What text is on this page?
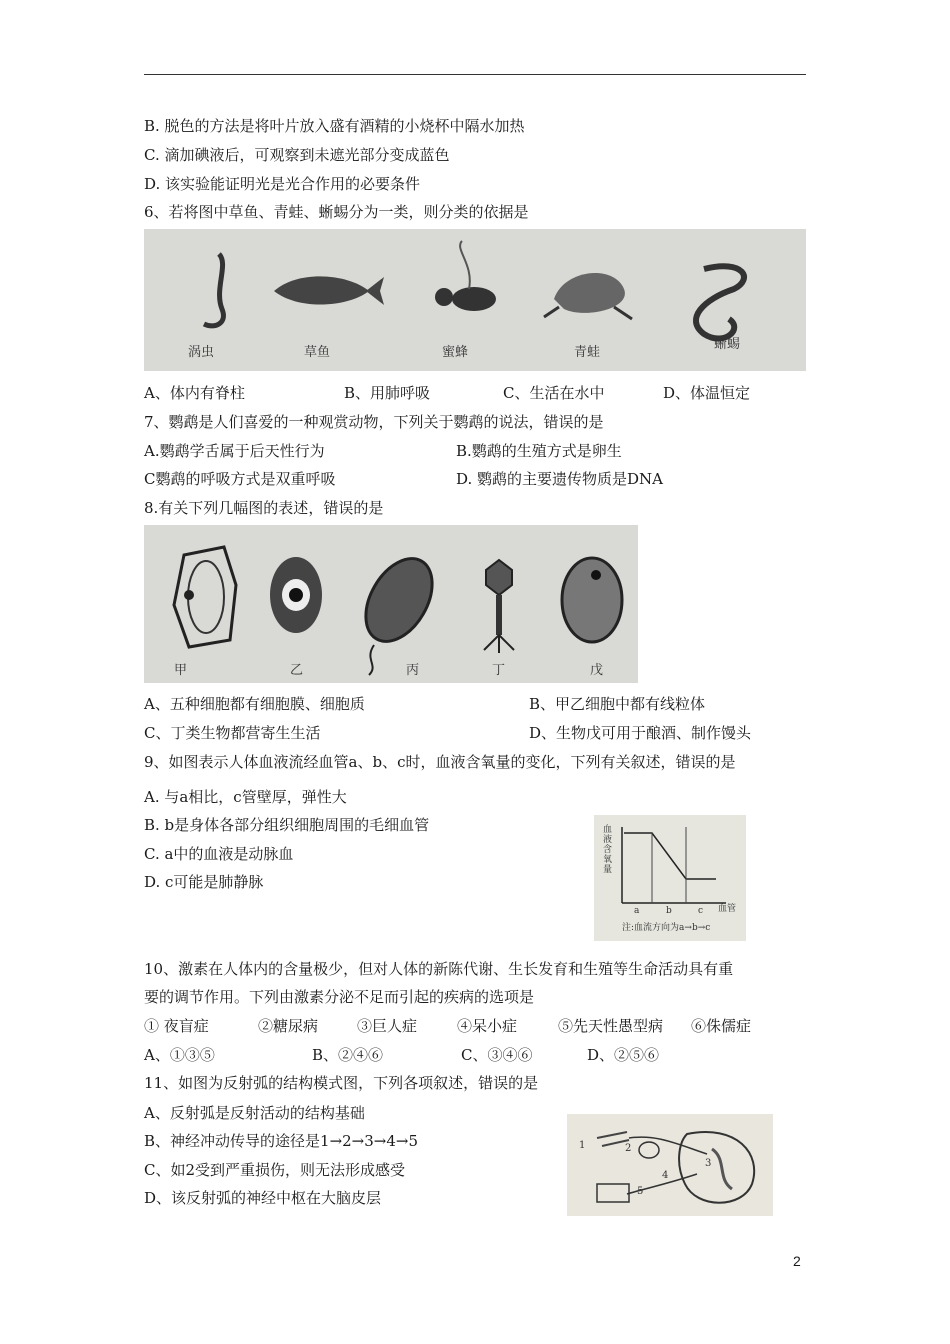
B. 脱色的方法是将叶片放入盛有酒精的小烧杯中隔水加热
C. 滴加碘液后，可观察到未遮光部分变成蓝色
D. 该实验能证明光是光合作用的必要条件
6、若将图中草鱼、青蛙、蜥蜴分为一类，则分类的依据是
涡虫	草鱼	蜜蜂	青蛙
蜥蜴
A、体内有脊柱	B、用肺呼吸	C、生活在水中	D、体温恒定
7、鹦鹉是人们喜爱的一种观赏动物，下列关于鹦鹉的说法，错误的是
A.鹦鹉学舌属于后天性行为	B.鹦鹉的生殖方式是卵生
C鹦鹉的呼吸方式是双重呼吸	D. 鹦鹉的主要遗传物质是DNA
8.有关下列几幅图的表述，错误的是
甲	乙	丙	丁	戊
A、五种细胞都有细胞膜、细胞质	B、甲乙细胞中都有线粒体
C、丁类生物都营寄生生活	D、生物戊可用于酿酒、制作馒头
9、如图表示人体血液流经血管a、b、c时，血液含氧量的变化，下列有关叙述，错误的是
A. 与a相比，c管壁厚，弹性大
B. b是身体各部分组织细胞周围的毛细血管
C. a中的血液是动脉血
D. c可能是肺静脉
血液含氧量
a	b	c 血管
注:血流方向为a→b→c
10、激素在人体内的含量极少，但对人体的新陈代谢、生长发育和生殖等生命活动具有重
要的调节作用。下列由激素分泌不足而引起的疾病的选项是
① 夜盲症	②糖尿病	③巨人症	④呆小症	⑤先天性愚型病 ⑥侏儒症
A、①③⑤	B、②④⑥	C、③④⑥	D、②⑤⑥
11、如图为反射弧的结构模式图，下列各项叙述，错误的是
A、反射弧是反射活动的结构基础
B、神经冲动传导的途径是1→2→3→4→5
C、如2受到严重损伤，则无法形成感受
D、该反射弧的神经中枢在大脑皮层
1	2
3
4
5
2
